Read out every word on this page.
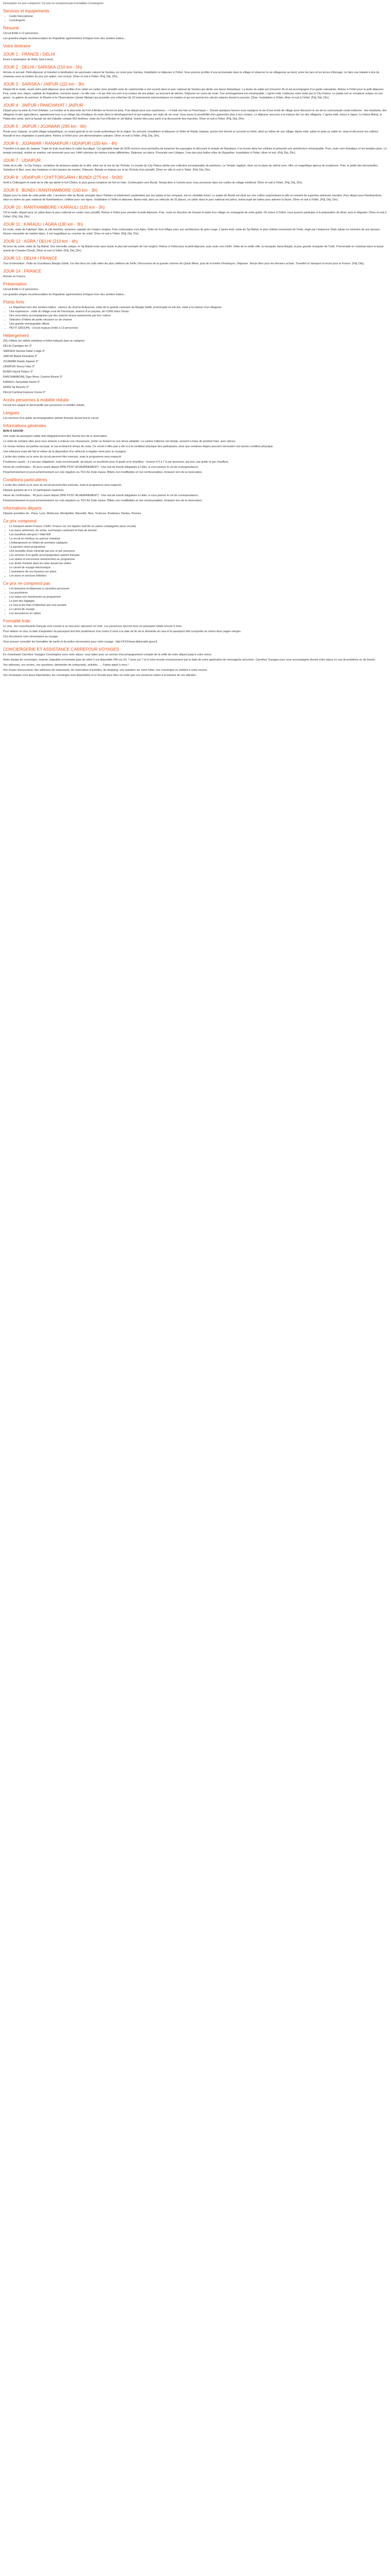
Description Ce prix comprend / Ce prix ne comprend pas Formalités Conciergerie

Services et équipements
• Guide francophone
• Conciergerie
Résumé

Circuit limité à 12 personnes.

Les grandes étapes incontournables du Rajasthan agrémentées d’étapes hors des sentiers battus...

Votre itinéraire
JOUR 1 : FRANCE / DELHI

Envol à destination de Delhi. Nuit à bord.

JOUR 2 : DELHI / SARISKA (210 km - 5h)

Arrivée et accueil. Petit-déjeuner et transfert à destination du sanctuaire naturel de Sariska, en route pour Sariska. Installation et déjeuner à l’hôtel. Vous pourrez profiter d’une promenade dans le village et observer la vie villageoise au bord, entre les lacs et les terres d’élevage, ou faire une balade à dos de chameau sous la lumière du jour (en option, non inclus). Dîner et nuit à l'hôtel. (Pdj, Déj, Dîn).

JOUR 3 : SARISKA / JAIPUR (115 km - 3h)

Départ tôt le matin, avant votre petit-déjeuner pour profiter d’un safari en canter (non privatif) sorte de camionnette à ciel ouvert) dans le parc national de Sariska qui abrite une faune fantastique. La durée du safari est d’environ 3h et est accompagné d’un guide naturaliste. Retour à l’hôtel pour le petit-déjeuner. Puis, route vers Jaipur, capitale du Rajasthan, nommée aussi « la ville rose » et qui doit son nom à la couleur de ses palais, au tournant de siècles. Déjeuner en cours de route. Son aménagement est remarquable. L’après-midi, continuez votre visite par le City Palace. Le palais est un complexe unique en son genre : la galerie de peinture, le Musée et le Observatoire (Jantar Mantar) qui possède une collection de 19 instruments astronomiques en marbre et qui ont permis les calculs solaires durant la journée. Dîner. Installation à l’hôtel, dîner et nuit à l’hôtel. (Pdj, Déj, Dîn).

JOUR 4 : JAIPUR / PANCHAYAT / JAIPUR

Départ pour la visite du Fort d’Amber. La montée et la descente du Fort d’Amber se feront en jeep. Puis départ pour une expérience : « Il était une fois un Panchayat » : Durant quelques heures vous rejoignez la vie d'une école de village pour découvrir le vie de la communauté rurale indienne : des étudiants, des villageois et des agriculteurs, appartenant tous à un village qui s’implique du reste dans le développement et qui explique son style de vie rural. Vous aurez la possibilité d’en apprendre plus à leur contact. Le déjeuner sera pris à la maison de l’un des villageois. L’après-midi, retour à Jaipur. Le Hawa Mahal, le Palais des vents, dont la façade de nid d’abeille compte 953 fenêtres, visite du Fort d’Amber et Jal Mahal. Soirée libre pour partir à la découverte des marchés. Dîner et nuit à l’hôtel. (Pdj, Déj, Dîn).

JOUR 5 : JAIPUR / JOJAWAR (295 km - 6h)

Route pour Jojawar, un petit village sympathique, un avant-goût de la vie rurale authentique de la région. En arrivant, installation et déjeuner à l’hôtel de Rawla Jojawar, ancien fort rénové et converti en hôtel, situé au milieu de son village. Après-midi, safari en jeep ou safari en Jeep et découvre les collines Aravalli et leur végétation si particulière. Retour à l’hôtel pour une démonstration culinaire. Dîner et nuit à l’hôtel. (Pdj, Déj, Dîn).

JOUR 6 : JOJAWAR / RANAKPUR / UDAIPUR (155 km - 4h)

Transfert à la gare de Jojawar. Trajet en train local dans le cadre bucolique. Cet agréable trajet de 2h30 environ vous permettra de traverser les paysages et découvrir le temple de Ranakpur, il se trouve dans les collines et présente une architecture remarquable. Puis, route vers Ranakpur et les temples jaïns. Le temple principal, réalisé en marbre, est renommé pour ses 1444 colonnes de marbre toutes différentes. Déjeuner sur place. Poursuite vers Udaipur, l’une des plus belles villes du Rajasthan. Installation à l’hôtel, dîner et nuit. (Pdj, Déj, Dîn).

JOUR 7 : UDAIPUR

Visite de la ville : le City Palace, complexe de plusieurs palais de la ville, situé sur la rive du lac Pichola. Le musée du City Palace abrite une collection incomparable de peintures. Le Temple Jagdish, situé sur la place du même nom, offre un magnifique aperçu de sculptures. Puis, le jardin des demoiselles, Saheliyon ki Bari, avec des fontaines et des bassins de marbre. Déjeuner. Balade en bateau sur le lac Pichola (non privatif). Dîner en ville et nuit à l’hôtel. (Pdj, Déj, Dîn).

JOUR 8 : UDAIPUR / CHITTORGARH / BUNDI (275 km - 5h30)

Arrêt à Chittorgarh et visite de la ville qui abrite le fort Chittor, le plus grand complexe de fort en Inde. Continuation vers Bundi. Temps libre à l’arrivée pour vous promener dans les ruelles du village médiéval. Dîner et nuit à l’hôtel. (Pdj, Déj, Dîn).

JOUR 9 : BUNDI / RANTHAMBORE (150 km - 3h)

Départ pour la visite de cette petite ville. L’ancienne ville de Bundi, plongée dans l’histoire et totalement surplombée par son palais et les remparts, est un véritable trésor. Le palais de Bundi est situé sur une colline surplombant la ville et contient de superbes peintures murales. Puis départ pour Ranthambore, situé en lisière du parc national de Ranthambore, célèbre pour ses tigres. Installation à l’hôtel et déjeuner. Après-midi, dans un véhicule de 20 places, un safari dans le parc national est prévu, entrecoupé de haltes pour admirer la faune. Dîner et nuit à l’hôtel. (Pdj, Déj, Dîn).

JOUR 10 : RANTHAMBORE / KARAULI (120 km - 3h)

Tôt le matin, départ pour un safari dans le parc national en canter (non privatif). Retour à l’hôtel pour prendre le petit-déjeuner. Puis, route en direction de Karauli et visite d’un village en compagnie de votre guide. De retour à l’hôtel, vous pourrez participer à la préparation du dîner, puis le déguster. Dîner et nuit à l’hôtel. (Pdj, Déj, Dîn).

JOUR 11 : KARAULI / AGRA (130 km - 3h)

En route, visite de Fatehpur Sikri, la cité fantôme, ancienne capitale de l’empire moghol. Puis continuation vers Agra. Visite du Fort d'Agra avec son architecture de grès rouge. L’après-midi, visite du Taj Mahal, le plus célèbre monument de l’Inde, érigé par l’empereur Shah Jahan en mémoire de son épouse. Ancien mausolée de marbre blanc, il est magnifique au coucher du soleil. Dîner et nuit à l’hôtel. (Pdj, Déj, Dîn).

JOUR 12 : AGRA / DELHI (210 km - 4h)

Au lever du soleil, visite du Taj Mahal. Une merveille unique, le Taj Mahal reste sans doute le plus bel exemple de l’art moghol. Retour à l’hôtel pour le petit-déjeuner, puis route vers Delhi. Visite de la vieille ville, la mosquée Jama Masjid, la plus grande mosquée de l’Inde. Promenade en rickshaw dans le bazar animé de Chandni Chowk. Dîner et nuit à l’hôtel. (Pdj, Déj, Dîn).

JOUR 13 : DELHI / FRANCE

Tour d’orientation. Visite du Gurudwara Bangla Sahib, l’un des lieux de culte sikhs les plus célèbres de Delhi. Découverte de la grande colonne de Qutub Minar, puis de la tombe d’Humayun. Déjeuner. Temps libre pour les derniers achats. Transfert à l’aéroport et envol pour la France. (Pdj, Déj).

JOUR 14 : FRANCE

Arrivée en France.

Présentation

Circuit limité à 12 personnes.

Les grandes étapes incontournables du Rajasthan agrémentées d’étapes hors des sentiers battus...

Points forts
• Le Rajasthan hors des sentiers battus : séance de cinéma Bollywood, visite de la grande caravane de Bangla Sahib, promenade en tuk-tuk, visite à la maison d’un villageois.
• Une expérience : visite du village rural de Panchayat, séance d’un paysan, de l’ONG Hara Tarrao.
• Des rencontres accompagnées par des experts locaux passionnés par leur culture
• Sélection d’hôtels de petite structure ou de charme
• Une grande rechargeable offerte
• PETIT GROUPE : Circuit toujours limité à 12 personnes
Hébergement

(NL) Hôtels (ou hôtels similaires si hôtel indiqué) dans la catégorie

DELHI Claridges Inn 3*

SARISKA Sariska Safari Lodge 3*

JAIPUR Mahal Khandela 3*

JOJAWAR Rawla Jojawar 3*

UDAIPUR Vesuvi Vilas 3*

BUNDI Haveli Palace 3*

RANTHAMBORE Tiger Moon Comfort Resort 3*

KARAULI Saraswati Haveli 3*

AGRA Taj Resorts 3*

DELHI Cardinal Express Ozone 3*

Accès personnes à mobilité réduite

Circuit non adapté et déconseillé aux personnes à mobilité réduite.

Langues

Les services d’un guide accompagnateur parlant français durant tout le circuit

Informations générales

BON À SAVOIR

Une copie du passeport valide doit obligatoirement être fournie lors de la réservation.

Le visite de certains sites peut vous amener à enlever vos chaussures, porter un foulard ou une tenue adaptée. La cuisine indienne est simple, souvent à base de produits frais, avec épices.

Ce niveau moteur est parfois escarpé, le cas échéant le temps de route. Ce circuit n’offre pas a été ni à la condition physique des participants, ainsi que certaines étapes peuvent nécessiter une bonne condition physique.

Une tolérance mais été fait et relève de la disposition d'un véhicule à régulier ment pour le voyageur.

L'ordre des visites ou le sens du circuit peuvent être inversés, mais le programme sera respecté.

Pourboires usuels : il n’est pas obligatoire, mais recommandé, de laisser un pourboire pour le guide et le chauffeur : environ 4 € à 7 € par personne, par jour, par guide et par chauffeur.

Heure de confirmation : 40 jours avant départ (PRE POST ACHEMINEMENT) : Une nuit de transit obligatoire à l’aller, si vous prenez le vol de correspondance.

Préacheminement et post-acheminement sur vols réguliers ou TGV Air 2nde classe. Billets non modifiables et non remboursables, émission lors de la réservation.

Conditions particulières

L'ordre des visites ou le sens du circuit peuvent être inversés, mais le programme sera respecté.

Départs garantis de 4 à 12 participants maximum.

Heure de confirmation : 40 jours avant départ (PRE POST ACHEMINEMENT) : Une nuit de transit obligatoire à l’aller, si vous prenez le vol de correspondance.

Préacheminement et post-acheminement sur vols réguliers ou TGV Air 2nde classe. Billets non modifiables et non remboursables, émission lors de la réservation.

Informations départs

Départs possibles de : Paris, Lyon, Mulhouse, Montpellier, Marseille, Nice, Toulouse, Bordeaux, Nantes, Rennes

Ce prix comprend
• Le transport aérien France / Delhi / France sur vol régulier Gulf Air ou autres compagnies (avec escale)
• Les taxes aériennes, de sortie, surcharges carburant et frais de dossier
• Les transferts aéroport / hôtel A/R
• Le circuit en minibus ou autocar climatisé
• L’hébergement en hôtels de première catégorie
• La pension selon programme
• Une bouteille d'eau minérale par jour et par personne
• Les services d’un guide accompagnateur parlant français
• Les visites et excursions mentionnées au programme
• Les droits d’entrée dans les sites durant les visites
• Le carnet de voyage électronique
• L’assistance de nos bureaux sur place
• Les taxes et services hôteliers
Ce prix ne comprend pas
• Les boissons et dépenses à caractère personnel
• Les pourboires
• Les repas non mentionnés au programme
• Le port des bagages
• Le visa et les frais d’obtention par voie postale
• Le carnet de voyage
• Les assurances en option
Formalité Inde

Le visa : les ressortissants français sont soumis à un visa pour séjourner en Inde. Les personnes devront tenir au passeport valide encore 6 mois.

Pour obtenir un visa, la date d’expiration du passeport doit être postérieure d’au moins 6 mois à la date de fin de la demande du visa et le passeport doit comporter au moins deux pages vierges.

Ces documents sont nécessaires au voyage.

Vous pouvez consulter les formalités de santé et de police nécessaires pour votre voyage : http://XXX/www.diplomatie.gouv.fr.

CONCIERGERIE ET ASSISTANCE CARREFOUR VOYAGES

En choisissant Carrefour Voyages Conciergerie pour votre séjour, vous optez pour un service d’accompagnement complet de la veille de votre départ jusqu’à votre retour.

Notre équipe de concierges, experte, joignable et humaine (pas de robot !) est disponible 24h sur 24, 7 jours sur 7 et à votre écoute exclusivement par le biais de votre application de messagerie sécurisée. Carrefour Voyages pour vous accompagner durant votre séjour en cas de problème ou de besoin.

Vos adresses, vos envies, vos questions, demandes de restaurants, activités ... ; Faites appel à nous !

Vos envies d’excursions, des adresses de restaurants, de réservation d’activités, de shopping, une question sur votre hôtel, nos concierges se mettent à votre service.

Vos remarques sont aussi importantes, les concierges sont disponibles et à l’écoute pour faire en sorte que vos vacances soient à la hauteur de vos attentes.
